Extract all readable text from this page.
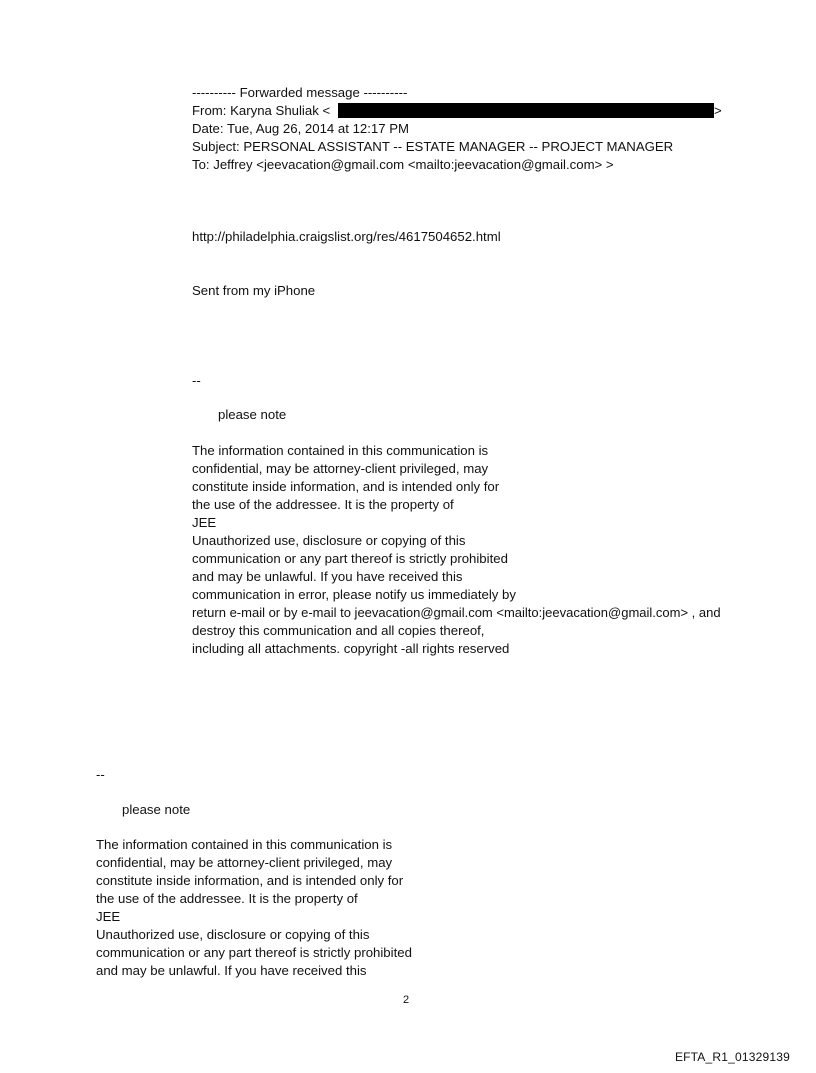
---------- Forwarded message ----------
From: Karyna Shuliak <	>
Date: Tue, Aug 26, 2014 at 12:17 PM
Subject: PERSONAL ASSISTANT -- ESTATE MANAGER -- PROJECT MANAGER
To: Jeffrey <jeevacation@gmail.com <mailto:jeevacation@gmail.com> >
http://philadelphia.craigslist.org/res/4617504652.html
Sent from my iPhone
--
please note
The information contained in this communication is
confidential, may be attorney-client privileged, may
constitute inside information, and is intended only for
the use of the addressee. It is the property of
JEE
Unauthorized use, disclosure or copying of this
communication or any part thereof is strictly prohibited
and may be unlawful. If you have received this
communication in error, please notify us immediately by
return e-mail or by e-mail to jeevacation@gmail.com <mailto:jeevacation@gmail.com> , and
destroy this communication and all copies thereof,
including all attachments. copyright -all rights reserved
--
please note
The information contained in this communication is
confidential, may be attorney-client privileged, may
constitute inside information, and is intended only for
the use of the addressee. It is the property of
JEE
Unauthorized use, disclosure or copying of this
communication or any part thereof is strictly prohibited
and may be unlawful. If you have received this
2
EFTA_R1_01329139
